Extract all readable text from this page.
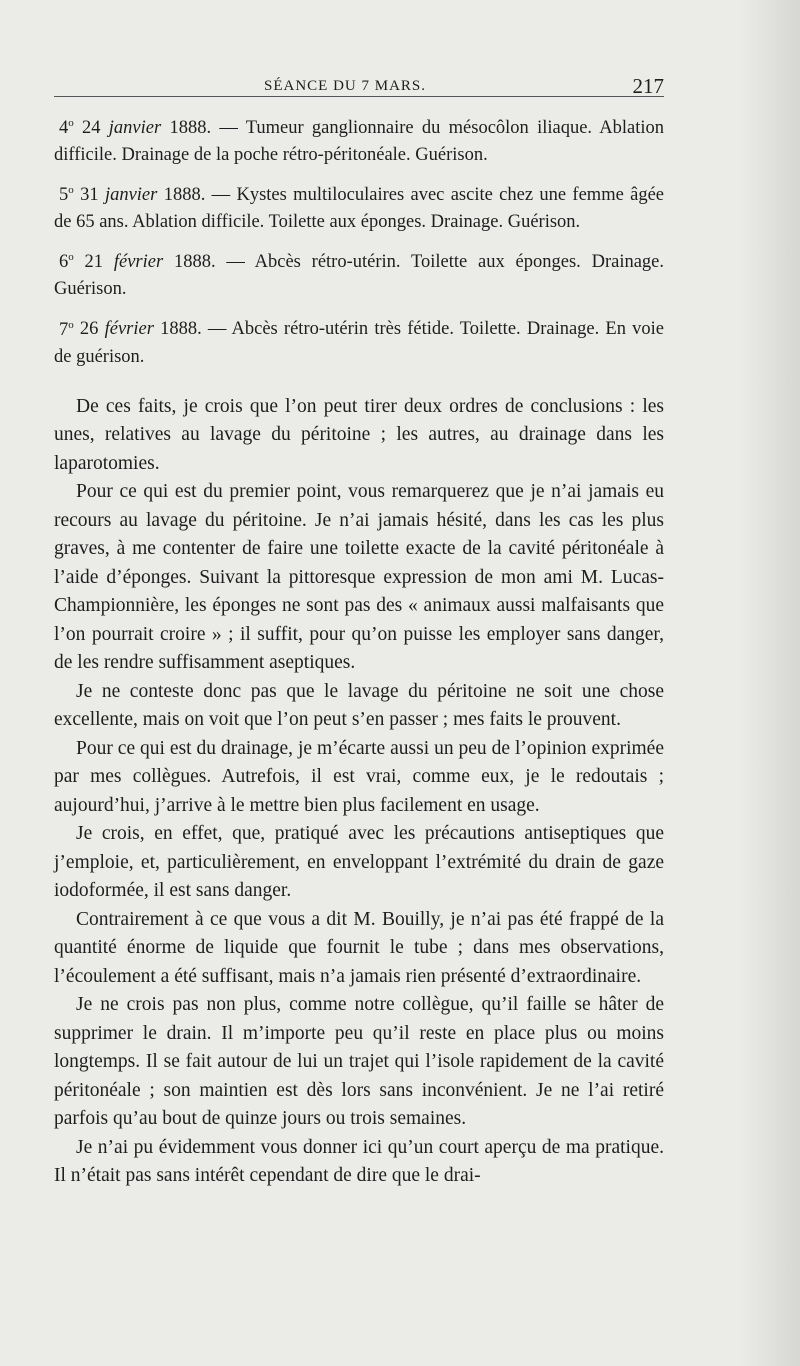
SÉANCE DU 7 MARS.	217
4$^o$ 24 janvier 1888. — Tumeur ganglionnaire du mésocôlon iliaque. Ablation difficile. Drainage de la poche rétro-péritonéale. Guérison.
5$^o$ 31 janvier 1888. — Kystes multiloculaires avec ascite chez une femme âgée de 65 ans. Ablation difficile. Toilette aux éponges. Drainage. Guérison.
6$^o$ 21 février 1888. — Abcès rétro-utérin. Toilette aux éponges. Drainage. Guérison.
7$^o$ 26 février 1888. — Abcès rétro-utérin très fétide. Toilette. Drainage. En voie de guérison.

De ces faits, je crois que l’on peut tirer deux ordres de conclusions : les unes, relatives au lavage du péritoine ; les autres, au drainage dans les laparotomies.

Pour ce qui est du premier point, vous remarquerez que je n’ai jamais eu recours au lavage du péritoine. Je n’ai jamais hésité, dans les cas les plus graves, à me contenter de faire une toilette exacte de la cavité péritonéale à l’aide d’éponges. Suivant la pittoresque expression de mon ami M. Lucas-Championnière, les éponges ne sont pas des « animaux aussi malfaisants que l’on pourrait croire » ; il suffit, pour qu’on puisse les employer sans danger, de les rendre suffisamment aseptiques.

Je ne conteste donc pas que le lavage du péritoine ne soit une chose excellente, mais on voit que l’on peut s’en passer ; mes faits le prouvent.

Pour ce qui est du drainage, je m’écarte aussi un peu de l’opinion exprimée par mes collègues. Autrefois, il est vrai, comme eux, je le redoutais ; aujourd’hui, j’arrive à le mettre bien plus facilement en usage.

Je crois, en effet, que, pratiqué avec les précautions antiseptiques que j’emploie, et, particulièrement, en enveloppant l’extrémité du drain de gaze iodoformée, il est sans danger.

Contrairement à ce que vous a dit M. Bouilly, je n’ai pas été frappé de la quantité énorme de liquide que fournit le tube ; dans mes observations, l’écoulement a été suffisant, mais n’a jamais rien présenté d’extraordinaire.

Je ne crois pas non plus, comme notre collègue, qu’il faille se hâter de supprimer le drain. Il m’importe peu qu’il reste en place plus ou moins longtemps. Il se fait autour de lui un trajet qui l’isole rapidement de la cavité péritonéale ; son maintien est dès lors sans inconvénient. Je ne l’ai retiré parfois qu’au bout de quinze jours ou trois semaines.

Je n’ai pu évidemment vous donner ici qu’un court aperçu de ma pratique. Il n’était pas sans intérêt cependant de dire que le drai-
